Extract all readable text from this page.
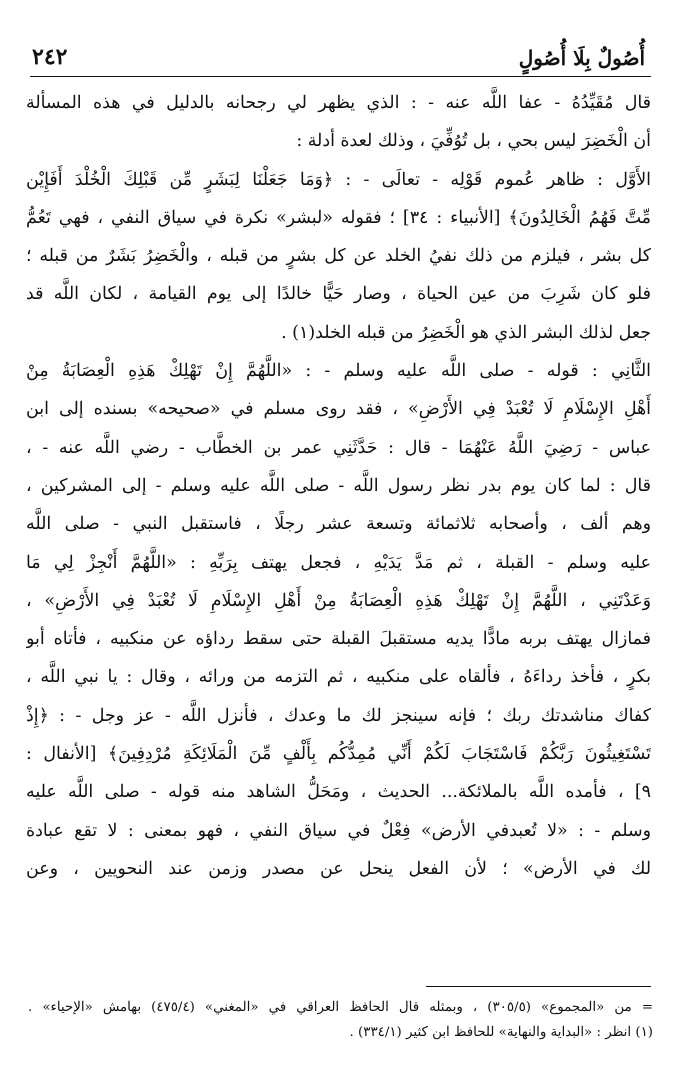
أُصُولٌ بِلَا أُصُولٍ
٢٤٢
قال مُقَيِّدُهُ - عفا اللَّه عنه - : الذي يظهر لي رجحانه بالدليل في هذه المسألة
أن الْخَضِرَ ليس بحي ، بل تُوُفِّيَ ، وذلك لعدة أدلة :
الأَوَّل : ظاهر عُموم قَوْلِه - تعالَى - : ﴿وَمَا جَعَلْنَا لِبَشَرٍ مِّن قَبْلِكَ الْخُلْدَ أَفَإِيْن
مِّتَّ فَهُمُ الْخَالِدُونَ﴾ [الأنبياء : ٣٤] ؛ فقوله «لبشر» نكرة في سياق النفي ، فهي تَعُمُّ
كل بشر ، فيلزم من ذلك نفيُ الخلد عن كل بشرٍ من قبله ، والْخَضِرُ بَشَرٌ من قبله ؛
فلو كان شَرِبَ من عين الحياة ، وصار حَيًّا خالدًا إلى يوم القيامة ، لكان اللَّه قد
جعل لذلك البشر الذي هو الْخَضِرُ من قبله الخلد(١) .
الثَّانِي : قوله - صلى اللَّه عليه وسلم - : «اللَّهُمَّ إِنْ تَهْلِكْ هَذِهِ الْعِصَابَةُ مِنْ
أَهْلِ الإِسْلَامِ لَا تُعْبَدْ فِي الأَرْضِ» ، فقد روى مسلم في «صحيحه» بسنده إلى ابن
عباس - رَضِيَ اللَّهُ عَنْهُمَا - قال : حَدَّثَنِي عمر بن الخطَّاب - رضي اللَّه عنه - ،
قال : لما كان يوم بدر نظر رسول اللَّه - صلى اللَّه عليه وسلم - إلى المشركين ،
وهم ألف ، وأصحابه ثلاثمائة وتسعة عشر رجلًا ، فاستقبل النبي - صلى اللَّه
عليه وسلم - القبلة ، ثم مَدَّ يَدَيْهِ ، فجعل يهتف بِرَبِّهِ : «اللَّهُمَّ أَنْجِزْ لِي مَا
وَعَدْتَنِي ، اللَّهُمَّ إِنْ تَهْلِكْ هَذِهِ الْعِصَابَةُ مِنْ أَهْلِ الإِسْلَامِ لَا تُعْبَدْ فِي الأَرْضِ» ،
فمازال يهتف بربه مادًّا يديه مستقبلَ القبلة حتى سقط رداؤه عن منكبيه ، فأتاه أبو
بكرٍ ، فأخذ رداءَهُ ، فألقاه على منكبيه ، ثم التزمه من ورائه ، وقال : يا نبي اللَّه ،
كفاك مناشدتك ربك ؛ فإنه سينجز لك ما وعدك ، فأنزل اللَّه - عز وجل - : ﴿إِذْ
تَسْتَغِيثُونَ رَبَّكُمْ فَاسْتَجَابَ لَكُمْ أَنِّي مُمِدُّكُم بِأَلْفٍ مِّنَ الْمَلَائِكَةِ مُرْدِفِينَ﴾ [الأنفال :
٩] ، فأمده اللَّه بالملائكة... الحديث ، ومَحَلُّ الشاهد منه قوله - صلى اللَّه عليه
وسلم - : «لا تُعبدفي الأرض» فِعْلٌ في سياق النفي ، فهو بمعنى : لا تقع عبادة
لك في الأرض» ؛ لأن الفعل ينحل عن مصدر وزمن عند النحويين ، وعن
= من «المجموع» (٣٠٥/٥) ، وبمثله قال الحافظ العراقي في «المغني» (٤٧٥/٤) بهامش «الإحياء» .
(١) انظر : «البداية والنهاية» للحافظ ابن كثير (٣٣٤/١) .
